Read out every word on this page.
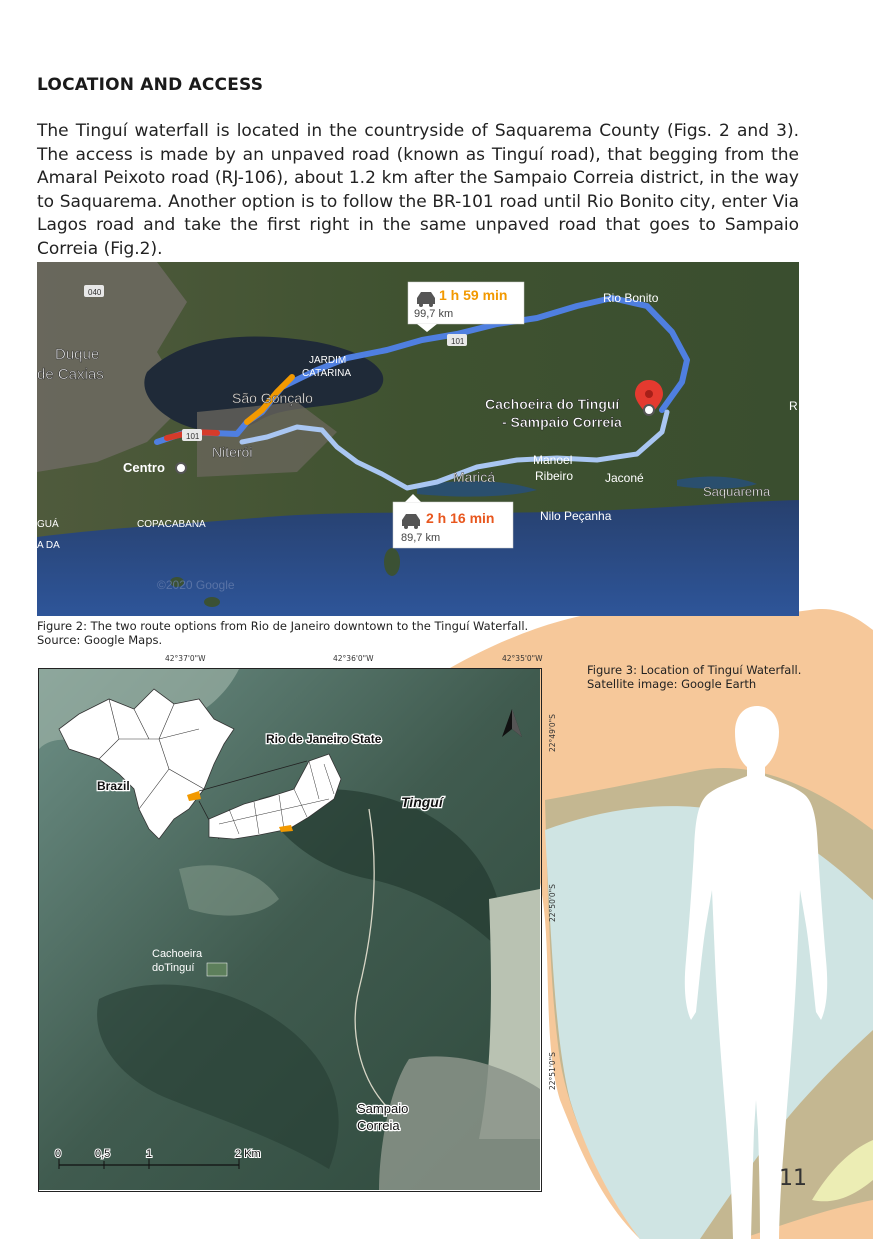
LOCATION AND ACCESS
The Tinguí waterfall is located in the countryside of Saquarema County (Figs. 2 and 3). The access is made by an unpaved road (known as Tinguí road), that begging from the Amaral Peixoto road (RJ-106), about 1.2 km after the Sampaio Correia district, in the way to Saquarema. Another option is to follow the BR-101 road until Rio Bonito city, enter Via Lagos road and take the first right in the same unpaved road that goes to Sampaio Correia (Fig.2).
040
101
101
Duque
de Caxias
JARDIM
CATARINA
São Gonçalo
Niterói
Centro
COPACABANA
GUÁ
A DA
Rio Bonito
R
Cachoeira do Tinguí
- Sampaio Correia
Manoel
Ribeiro	Jaconé
Maricá
Saquarema
Nilo Peçanha
©2020 Google
1 h 59 min
99,7 km
2 h 16 min
89,7 km
Figure 2: The two route options from Rio de Janeiro downtown to the Tinguí Waterfall.
Source: Google Maps.
Figure 3: Location of Tinguí Waterfall.
Satellite image: Google Earth
42°37'0"W	42°36'0"W	42°35'0"W
22°49'0"S
22°50'0"S
22°51'0"S
Rio de Janeiro State
Brazil
Tinguí
Cachoeira
doTinguí
Sampaio
Correia
0	0,5	1	2 Km
11
